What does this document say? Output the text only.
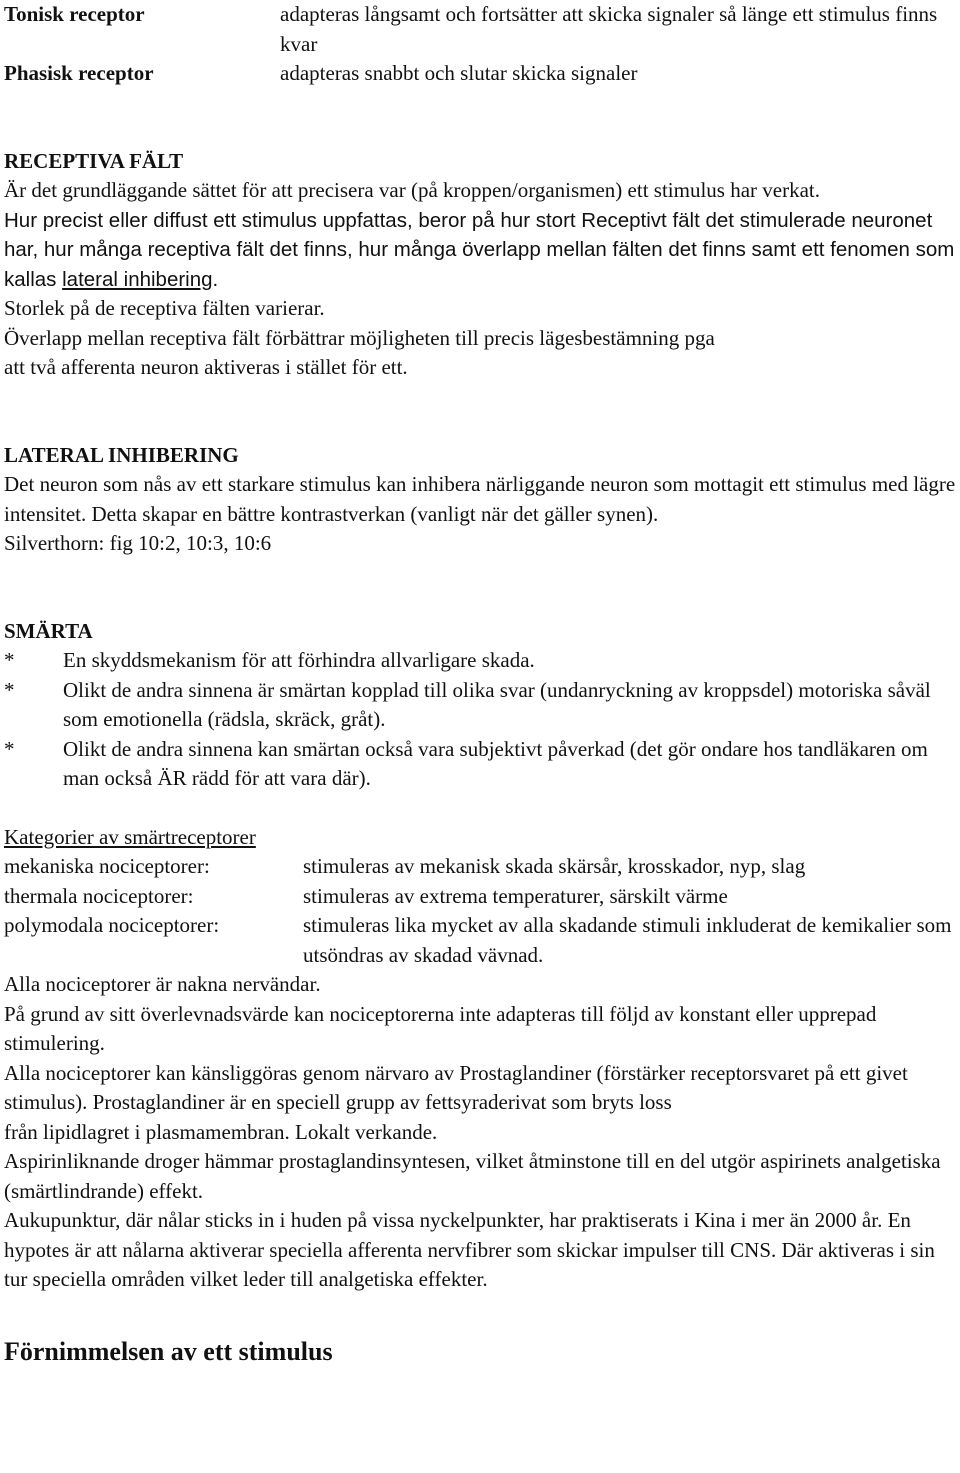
Tonisk receptor	adapteras långsamt och fortsätter att skicka signaler så länge ett stimulus finns kvar
Phasisk receptor	adapteras snabbt och slutar skicka signaler
RECEPTIVA FÄLT

Är det grundläggande sättet för att precisera var (på kroppen/organismen) ett stimulus har verkat.

Hur precist eller diffust ett stimulus uppfattas, beror på hur stort Receptivt fält det stimulerade neuronet har, hur många receptiva fält det finns, hur många överlapp mellan fälten det finns samt ett fenomen som kallas lateral inhibering.

Storlek på de receptiva fälten varierar.

Överlapp mellan receptiva fält förbättrar möjligheten till precis lägesbestämning pga

att två afferenta neuron aktiveras i stället för ett.

LATERAL INHIBERING

Det neuron som nås av ett starkare stimulus kan inhibera närliggande neuron som mottagit ett stimulus med lägre intensitet. Detta skapar en bättre kontrastverkan (vanligt när det gäller synen).

Silverthorn: fig 10:2, 10:3, 10:6

SMÄRTA
*	En skyddsmekanism för att förhindra allvarligare skada.
*	Olikt de andra sinnena är smärtan kopplad till olika svar (undanryckning av kroppsdel) motoriska såväl som emotionella (rädsla, skräck, gråt).
*	Olikt de andra sinnena kan smärtan också vara subjektivt påverkad (det gör ondare hos tandläkaren om man också ÄR rädd för att vara där).
Kategorier av smärtreceptorer
mekaniska nociceptorer:	stimuleras av mekanisk skada skärsår, krosskador, nyp, slag
thermala nociceptorer:	stimuleras av extrema temperaturer, särskilt värme
polymodala nociceptorer:	stimuleras lika mycket av alla skadande stimuli inkluderat de kemikalier som utsöndras av skadad vävnad.

Alla nociceptorer är nakna nervändar.

På grund av sitt överlevnadsvärde kan nociceptorerna inte adapteras till följd av konstant eller upprepad stimulering.

Alla nociceptorer kan känsliggöras genom närvaro av Prostaglandiner (förstärker receptorsvaret på ett givet stimulus). Prostaglandiner är en speciell grupp av fettsyraderivat som bryts loss

från lipidlagret i plasmamembran. Lokalt verkande.

Aspirinliknande droger hämmar prostaglandinsyntesen, vilket åtminstone till en del utgör aspirinets analgetiska (smärtlindrande) effekt.

Aukupunktur, där nålar sticks in i huden på vissa nyckelpunkter, har praktiserats i Kina i mer än 2000 år. En hypotes är att nålarna aktiverar speciella afferenta nervfibrer som skickar impulser till CNS. Där aktiveras i sin tur speciella områden vilket leder till analgetiska effekter.

Förnimmelsen av ett stimulus
